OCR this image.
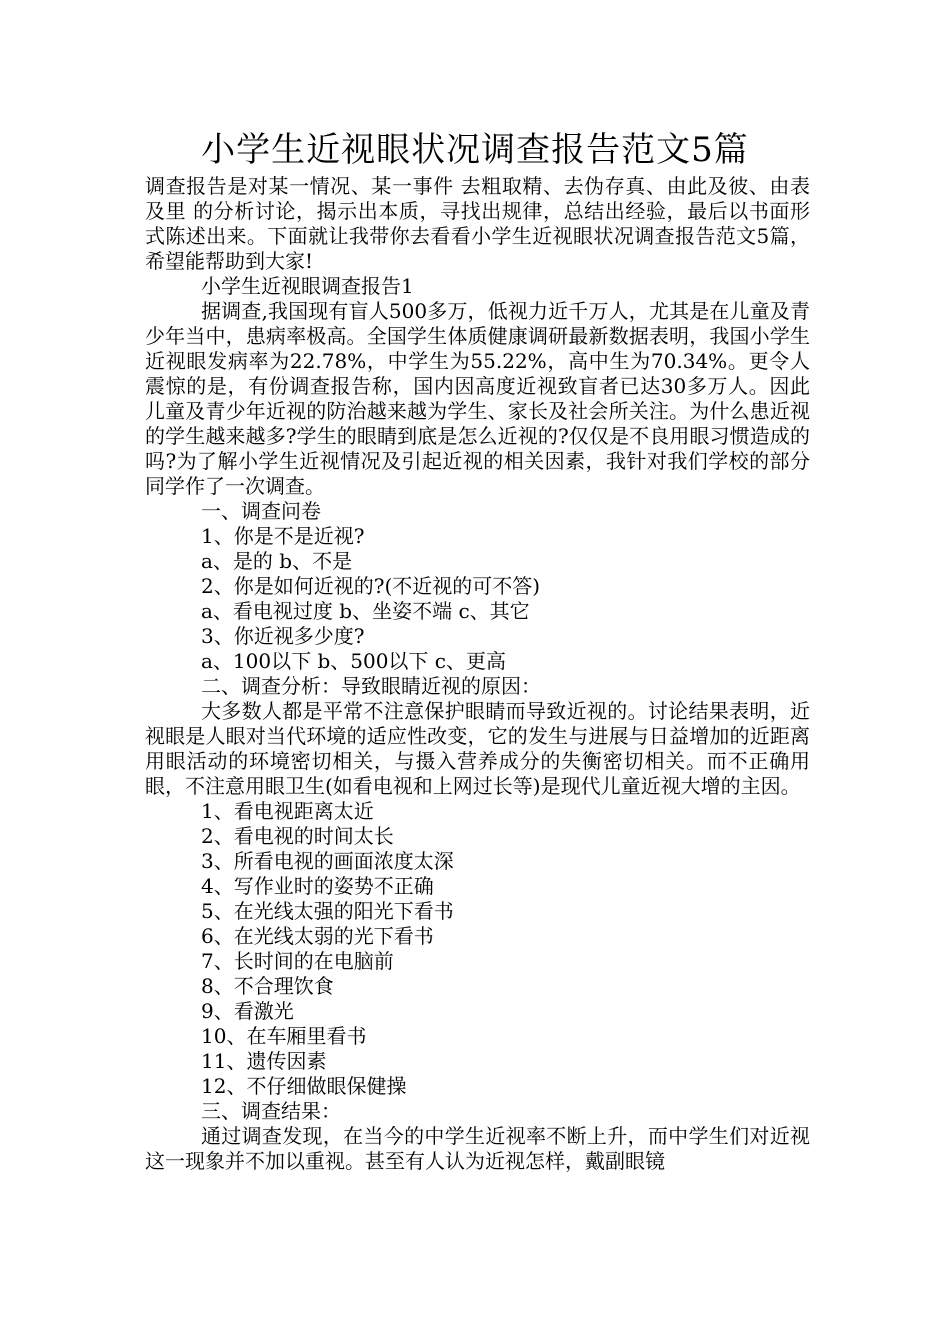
小学生近视眼状况调查报告范文5篇

调查报告是对某一情况、某一事件 去粗取精、去伪存真、由此及彼、由表及里 的分析讨论，揭示出本质，寻找出规律，总结出经验，最后以书面形式陈述出来。下面就让我带你去看看小学生近视眼状况调查报告范文5篇，希望能帮助到大家!

小学生近视眼调查报告1

据调查,我国现有盲人500多万，低视力近千万人，尤其是在儿童及青少年当中，患病率极高。全国学生体质健康调研最新数据表明，我国小学生近视眼发病率为22.78%，中学生为55.22%，高中生为70.34%。更令人震惊的是，有份调查报告称，国内因高度近视致盲者已达30多万人。因此儿童及青少年近视的防治越来越为学生、家长及社会所关注。为什么患近视的学生越来越多?学生的眼睛到底是怎么近视的?仅仅是不良用眼习惯造成的吗?为了解小学生近视情况及引起近视的相关因素，我针对我们学校的部分同学作了一次调查。

一、调查问卷

1、你是不是近视?

a、是的 b、不是

2、你是如何近视的?(不近视的可不答)

a、看电视过度 b、坐姿不端 c、其它

3、你近视多少度?

a、100以下 b、500以下 c、更高

二、调查分析：导致眼睛近视的原因：

大多数人都是平常不注意保护眼睛而导致近视的。讨论结果表明，近视眼是人眼对当代环境的适应性改变，它的发生与进展与日益增加的近距离用眼活动的环境密切相关，与摄入营养成分的失衡密切相关。而不正确用眼，不注意用眼卫生(如看电视和上网过长等)是现代儿童近视大增的主因。

1、看电视距离太近

2、看电视的时间太长

3、所看电视的画面浓度太深

4、写作业时的姿势不正确

5、在光线太强的阳光下看书

6、在光线太弱的光下看书

7、长时间的在电脑前

8、不合理饮食

9、看激光

10、在车厢里看书

11、遗传因素

12、不仔细做眼保健操

三、调查结果：

通过调查发现，在当今的中学生近视率不断上升，而中学生们对近视这一现象并不加以重视。甚至有人认为近视怎样，戴副眼镜
